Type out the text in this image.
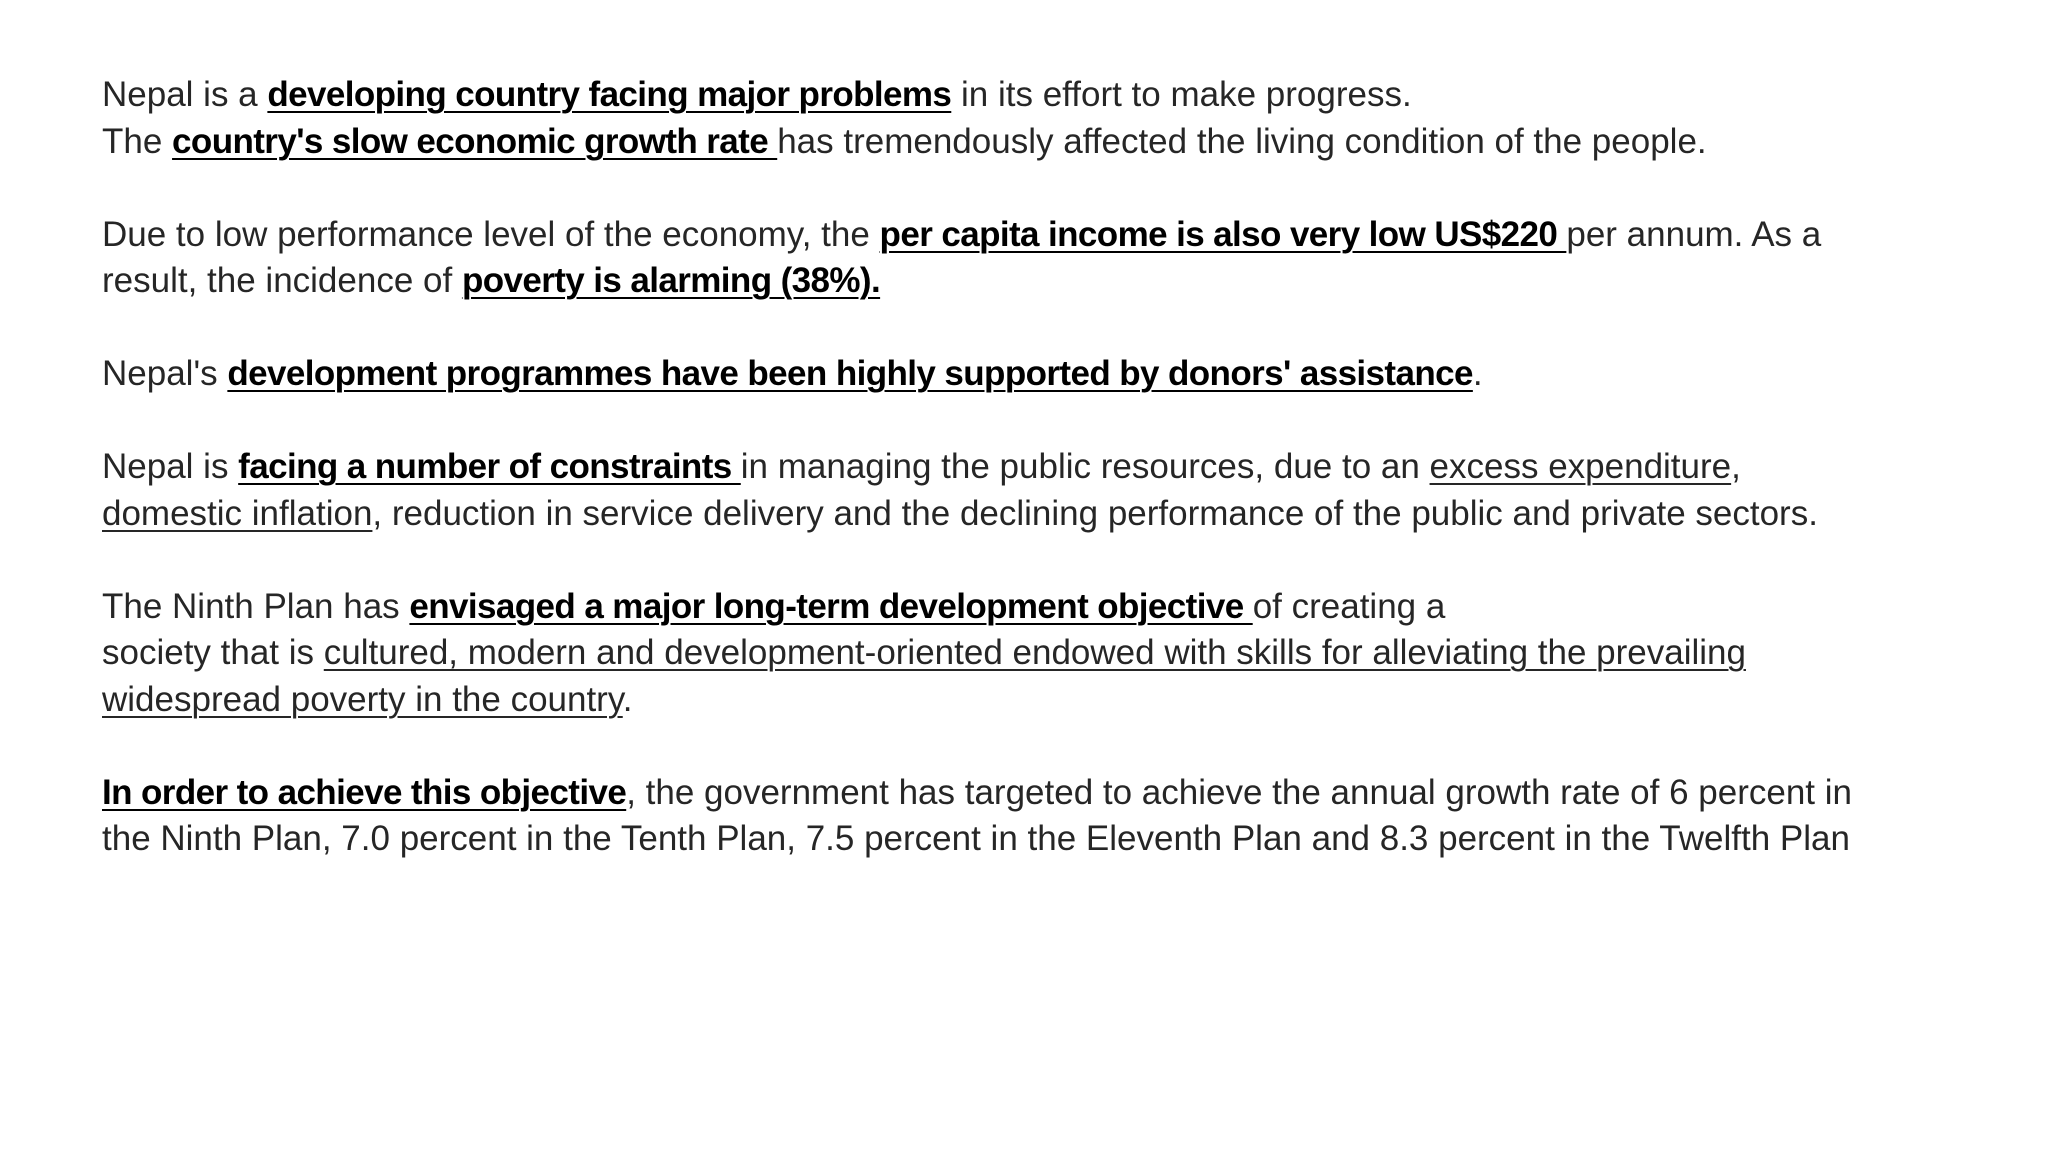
Nepal is a developing country facing major problems in its effort to make progress.
The country's slow economic growth rate has tremendously affected the living condition of the people.

Due to low performance level of the economy, the per capita income is also very low US$220 per annum. As a result, the incidence of poverty is alarming (38%).

Nepal's development programmes have been highly supported by donors' assistance.

Nepal is facing a number of constraints in managing the public resources, due to an excess expenditure, domestic inflation, reduction in service delivery and the declining performance of the public and private sectors.

The Ninth Plan has envisaged a major long-term development objective of creating a
society that is cultured, modern and development-oriented endowed with skills for alleviating the prevailing widespread poverty in the country.

In order to achieve this objective, the government has targeted to achieve the annual growth rate of 6 percent in the Ninth Plan, 7.0 percent in the Tenth Plan, 7.5 percent in the Eleventh Plan and 8.3 percent in the Twelfth Plan
